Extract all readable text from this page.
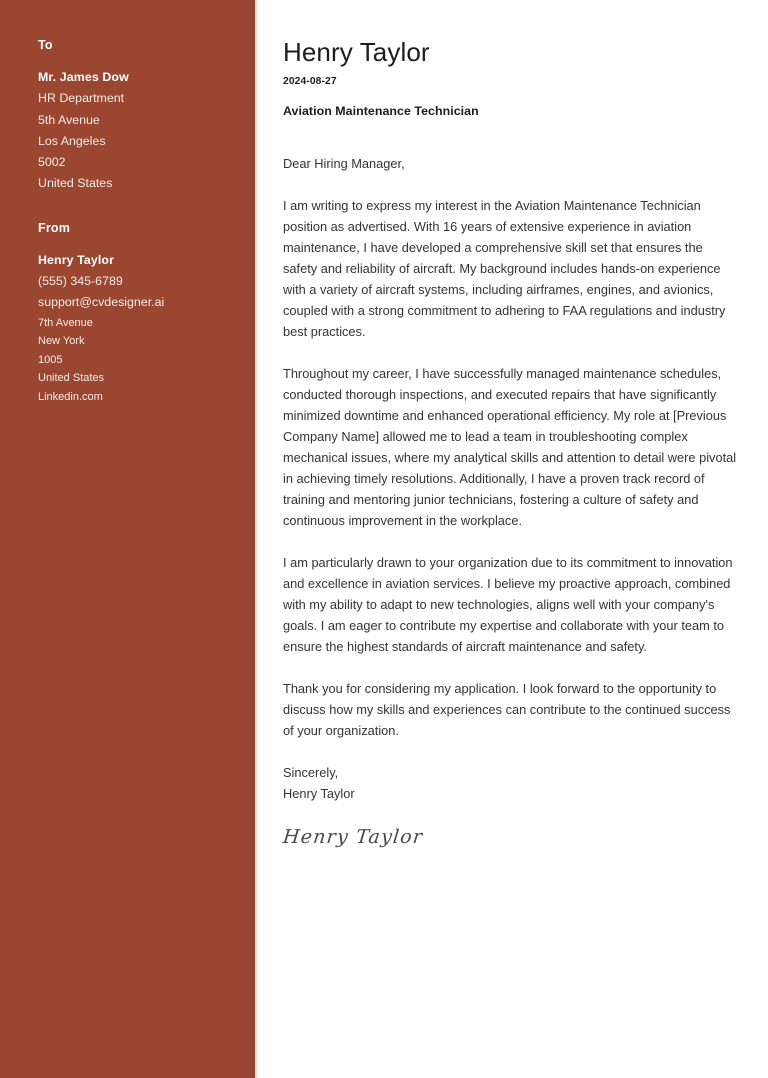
To
Mr. James Dow
HR Department
5th Avenue
Los Angeles
5002
United States
From
Henry Taylor
(555) 345-6789
support@cvdesigner.ai
7th Avenue
New York
1005
United States
Linkedin.com
Henry Taylor
2024-08-27
Aviation Maintenance Technician

Dear Hiring Manager,

I am writing to express my interest in the Aviation Maintenance Technician position as advertised. With 16 years of extensive experience in aviation maintenance, I have developed a comprehensive skill set that ensures the safety and reliability of aircraft. My background includes hands-on experience with a variety of aircraft systems, including airframes, engines, and avionics, coupled with a strong commitment to adhering to FAA regulations and industry best practices.

Throughout my career, I have successfully managed maintenance schedules, conducted thorough inspections, and executed repairs that have significantly minimized downtime and enhanced operational efficiency. My role at [Previous Company Name] allowed me to lead a team in troubleshooting complex mechanical issues, where my analytical skills and attention to detail were pivotal in achieving timely resolutions. Additionally, I have a proven track record of training and mentoring junior technicians, fostering a culture of safety and continuous improvement in the workplace.

I am particularly drawn to your organization due to its commitment to innovation and excellence in aviation services. I believe my proactive approach, combined with my ability to adapt to new technologies, aligns well with your company's goals. I am eager to contribute my expertise and collaborate with your team to ensure the highest standards of aircraft maintenance and safety.

Thank you for considering my application. I look forward to the opportunity to discuss how my skills and experiences can contribute to the continued success of your organization.

Sincerely,
Henry Taylor
Henry Taylor
